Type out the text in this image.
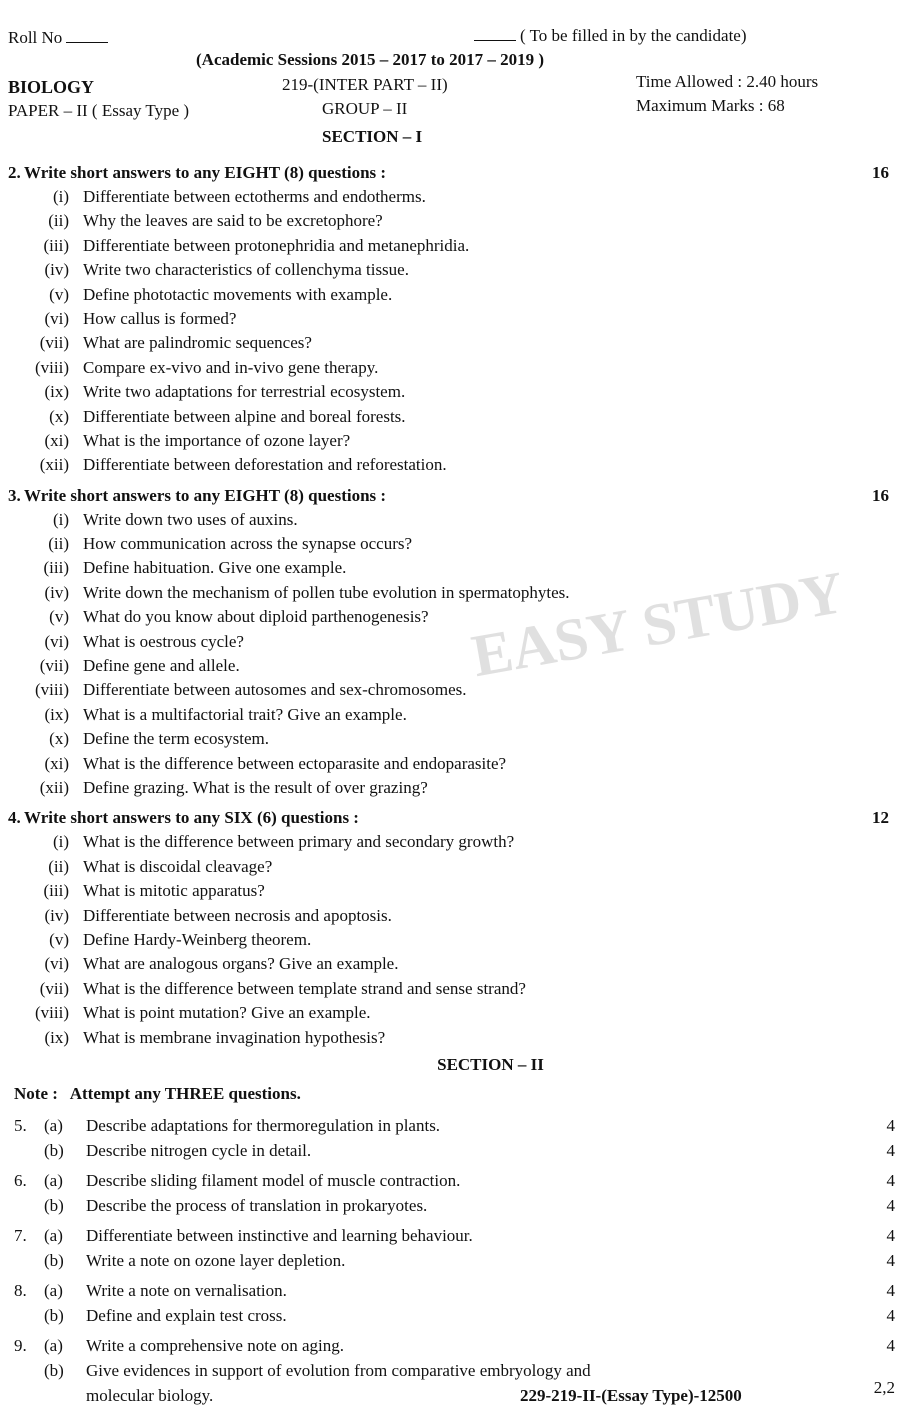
EASY STUDY
Roll No	( To be filled in by the candidate)
(Academic Sessions 2015 – 2017 to 2017 – 2019 )
BIOLOGY
PAPER – II ( Essay Type )
219-(INTER PART – II)
GROUP – II
Time Allowed : 2.40 hours
Maximum Marks : 68
SECTION – I
2. Write short answers to any EIGHT (8) questions :	16
(i) Differentiate between ectotherms and endotherms.
(ii) Why the leaves are said to be excretophore?
(iii) Differentiate between protonephridia and metanephridia.
(iv) Write two characteristics of collenchyma tissue.
(v) Define phototactic movements with example.
(vi) How callus is formed?
(vii) What are palindromic sequences?
(viii) Compare ex-vivo and in-vivo gene therapy.
(ix) Write two adaptations for terrestrial ecosystem.
(x) Differentiate between alpine and boreal forests.
(xi) What is the importance of ozone layer?
(xii) Differentiate between deforestation and reforestation.
3. Write short answers to any EIGHT (8) questions :	16
(i) Write down two uses of auxins.
(ii) How communication across the synapse occurs?
(iii) Define habituation. Give one example.
(iv) Write down the mechanism of pollen tube evolution in spermatophytes.
(v) What do you know about diploid parthenogenesis?
(vi) What is oestrous cycle?
(vii) Define gene and allele.
(viii) Differentiate between autosomes and sex-chromosomes.
(ix) What is a multifactorial trait? Give an example.
(x) Define the term ecosystem.
(xi) What is the difference between ectoparasite and endoparasite?
(xii) Define grazing. What is the result of over grazing?
4. Write short answers to any SIX (6) questions :	12
(i) What is the difference between primary and secondary growth?
(ii) What is discoidal cleavage?
(iii) What is mitotic apparatus?
(iv) Differentiate between necrosis and apoptosis.
(v) Define Hardy-Weinberg theorem.
(vi) What are analogous organs? Give an example.
(vii) What is the difference between template strand and sense strand?
(viii) What is point mutation? Give an example.
(ix) What is membrane invagination hypothesis?
SECTION – II
Note : Attempt any THREE questions.
5. (a) Describe adaptations for thermoregulation in plants.	4
(b) Describe nitrogen cycle in detail.	4
6. (a) Describe sliding filament model of muscle contraction.	4
(b) Describe the process of translation in prokaryotes.	4
7. (a) Differentiate between instinctive and learning behaviour.	4
(b) Write a note on ozone layer depletion.	4
8. (a) Write a note on vernalisation.	4
(b) Define and explain test cross.	4
9. (a) Write a comprehensive note on aging.	4
(b) Give evidences in support of evolution from comparative embryology and
molecular biology.	2,2
229-219-II-(Essay Type)-12500
